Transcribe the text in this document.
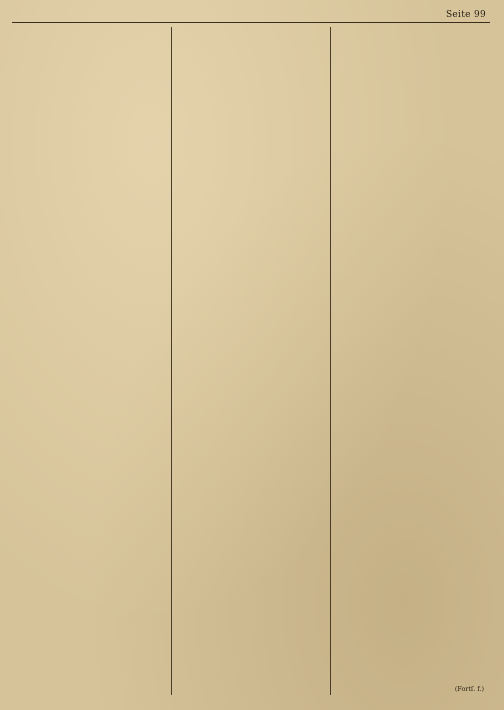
Seite 99

(Fortſ. f.)
